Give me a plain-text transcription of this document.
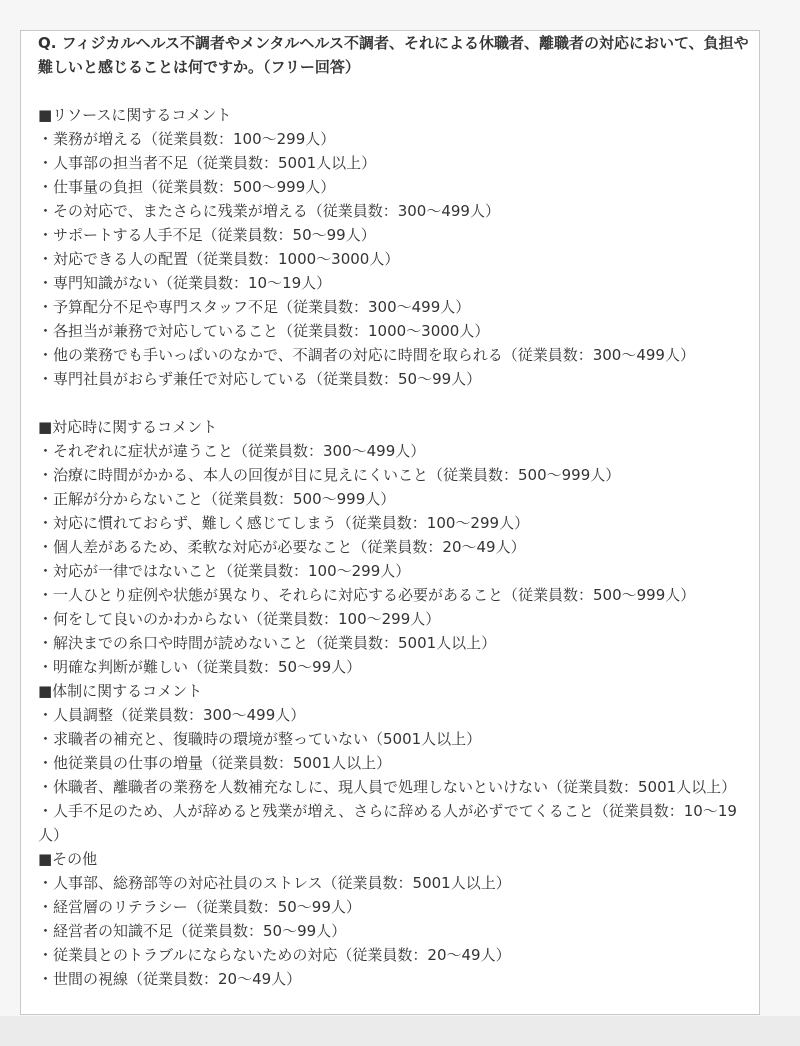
Q. フィジカルヘルス不調者やメンタルヘルス不調者、それによる休職者、離職者の対応において、負担や難しいと感じることは何ですか。（フリー回答）

■リソースに関するコメント

・業務が増える（従業員数：100〜299人）

・人事部の担当者不足（従業員数：5001人以上）

・仕事量の負担（従業員数：500〜999人）

・その対応で、またさらに残業が増える（従業員数：300〜499人）

・サポートする人手不足（従業員数：50〜99人）

・対応できる人の配置（従業員数：1000〜3000人）

・専門知識がない（従業員数：10〜19人）

・予算配分不足や専門スタッフ不足（従業員数：300〜499人）

・各担当が兼務で対応していること（従業員数：1000〜3000人）

・他の業務でも手いっぱいのなかで、不調者の対応に時間を取られる（従業員数：300〜499人）

・専門社員がおらず兼任で対応している（従業員数：50〜99人）

■対応時に関するコメント

・それぞれに症状が違うこと（従業員数：300〜499人）

・治療に時間がかかる、本人の回復が目に見えにくいこと（従業員数：500〜999人）

・正解が分からないこと（従業員数：500〜999人）

・対応に慣れておらず、難しく感じてしまう（従業員数：100〜299人）

・個人差があるため、柔軟な対応が必要なこと（従業員数：20〜49人）

・対応が一律ではないこと（従業員数：100〜299人）

・一人ひとり症例や状態が異なり、それらに対応する必要があること（従業員数：500〜999人）

・何をして良いのかわからない（従業員数：100〜299人）

・解決までの糸口や時間が読めないこと（従業員数：5001人以上）

・明確な判断が難しい（従業員数：50〜99人）

■体制に関するコメント

・人員調整（従業員数：300〜499人）

・求職者の補充と、復職時の環境が整っていない（5001人以上）

・他従業員の仕事の増量（従業員数：5001人以上）

・休職者、離職者の業務を人数補充なしに、現人員で処理しないといけない（従業員数：5001人以上）

・人手不足のため、人が辞めると残業が増え、さらに辞める人が必ずでてくること（従業員数：10〜19人）

■その他

・人事部、総務部等の対応社員のストレス（従業員数：5001人以上）

・経営層のリテラシー（従業員数：50〜99人）

・経営者の知識不足（従業員数：50〜99人）

・従業員とのトラブルにならないための対応（従業員数：20〜49人）

・世間の視線（従業員数：20〜49人）
